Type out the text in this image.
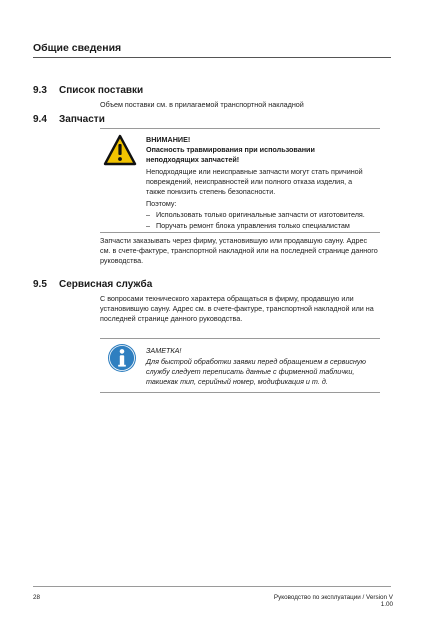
Общие сведения
9.3 Список поставки
Объем поставки см. в прилагаемой транспортной накладной
9.4 Запчасти
ВНИМАНИЕ!
Опасность травмирования при использовании
неподходящих запчастей!
Неподходящие или неисправные запчасти могут стать причиной
повреждений, неисправностей или полного отказа изделия, а
также понизить степень безопасности.
Поэтому:
– Использовать только оригинальные запчасти от изготовителя.
– Поручать ремонт блока управления только специалистам
Запчасти заказывать через фирму, установившую или продавшую сауну. Адрес
см. в счете-фактуре, транспортной накладной или на последней странице данного
руководства.
9.5 Сервисная служба
С вопросами технического характера обращаться в фирму, продавшую или
установившую сауну. Адрес см. в счете-фактуре, транспортной накладной или на
последней странице данного руководства.
ЗАМЕТКА!
Для быстрой обработки заявки перед обращением в сервисную
службу следует переписать данные с фирменной таблички,
такиекак тип, серийный номер, модификация и т. д.
28	Руководство по эксплуатации / Version V 1.00
